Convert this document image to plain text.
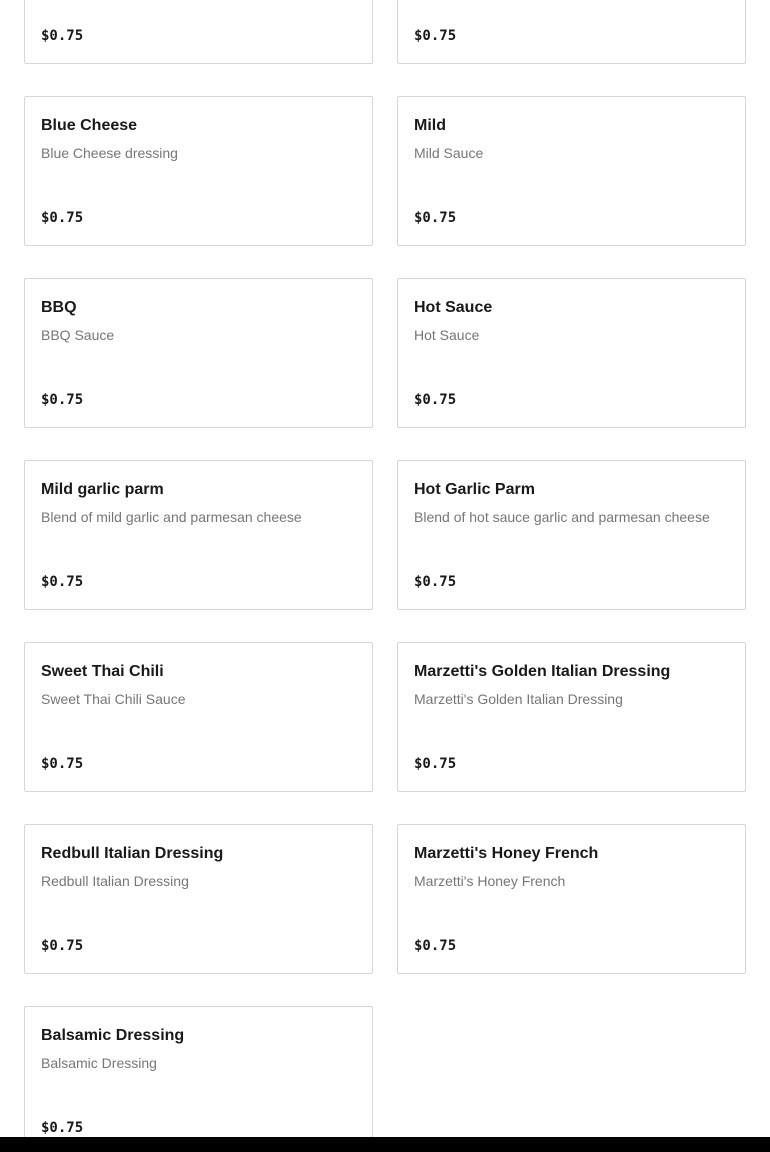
$0.75	$0.75
Blue Cheese
Blue Cheese dressing
$0.75
Mild
Mild Sauce
$0.75
BBQ
BBQ Sauce
$0.75
Hot Sauce
Hot Sauce
$0.75
Mild garlic parm
Blend of mild garlic and parmesan cheese
$0.75
Hot Garlic Parm
Blend of hot sauce garlic and parmesan cheese
$0.75
Sweet Thai Chili
Sweet Thai Chili Sauce
$0.75
Marzetti's Golden Italian Dressing
Marzetti's Golden Italian Dressing
$0.75
Redbull Italian Dressing
Redbull Italian Dressing
$0.75
Marzetti's Honey French
Marzetti's Honey French
$0.75
Balsamic Dressing
Balsamic Dressing
$0.75
